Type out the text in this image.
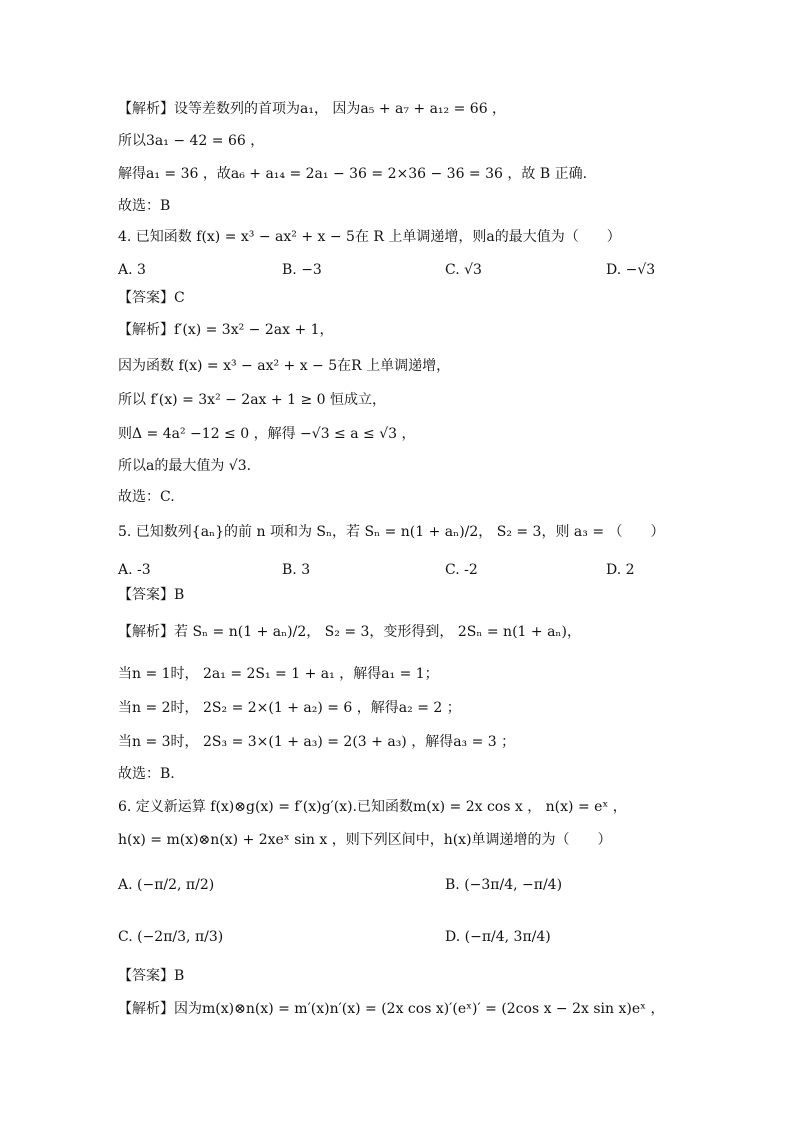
【解析】设等差数列的首项为a₁， 因为a₅ + a₇ + a₁₂ = 66 ，
所以3a₁ − 42 = 66 ，
解得a₁ = 36 ，故a₆ + a₁₄ = 2a₁ − 36 = 2×36 − 36 = 36 ，故 B 正确.
故选：B
4. 已知函数 f(x) = x³ − ax² + x − 5在 R 上单调递增，则a的最大值为（　　）
A. 3	B. −3	C. √3	D. −√3
【答案】C
【解析】f′(x) = 3x² − 2ax + 1，
因为函数 f(x) = x³ − ax² + x − 5在R 上单调递增，
所以 f′(x) = 3x² − 2ax + 1 ≥ 0 恒成立，
则Δ = 4a² −12 ≤ 0 ，解得 −√3 ≤ a ≤ √3 ，
所以a的最大值为 √3.
故选：C.
5. 已知数列{aₙ}的前 n 项和为 Sₙ，若 Sₙ = n(1 + aₙ)/2， S₂ = 3，则 a₃ = （　　）
A. -3	B. 3	C. -2	D. 2
【答案】B
【解析】若 Sₙ = n(1 + aₙ)/2， S₂ = 3，变形得到， 2Sₙ = n(1 + aₙ)，
当n = 1时， 2a₁ = 2S₁ = 1 + a₁ ，解得a₁ = 1；
当n = 2时， 2S₂ = 2×(1 + a₂) = 6 ，解得a₂ = 2 ；
当n = 3时， 2S₃ = 3×(1 + a₃) = 2(3 + a₃) ，解得a₃ = 3 ；
故选：B.
6. 定义新运算 f(x)⊗g(x) = f′(x)g′(x).已知函数m(x) = 2x cos x ， n(x) = eˣ ，
h(x) = m(x)⊗n(x) + 2xeˣ sin x ，则下列区间中，h(x)单调递增的为（　　）
A. (−π/2, π/2)	B. (−3π/4, −π/4)
C. (−2π/3, π/3)	D. (−π/4, 3π/4)
【答案】B
【解析】因为m(x)⊗n(x) = m′(x)n′(x) = (2x cos x)′(eˣ)′ = (2cos x − 2x sin x)eˣ ，
